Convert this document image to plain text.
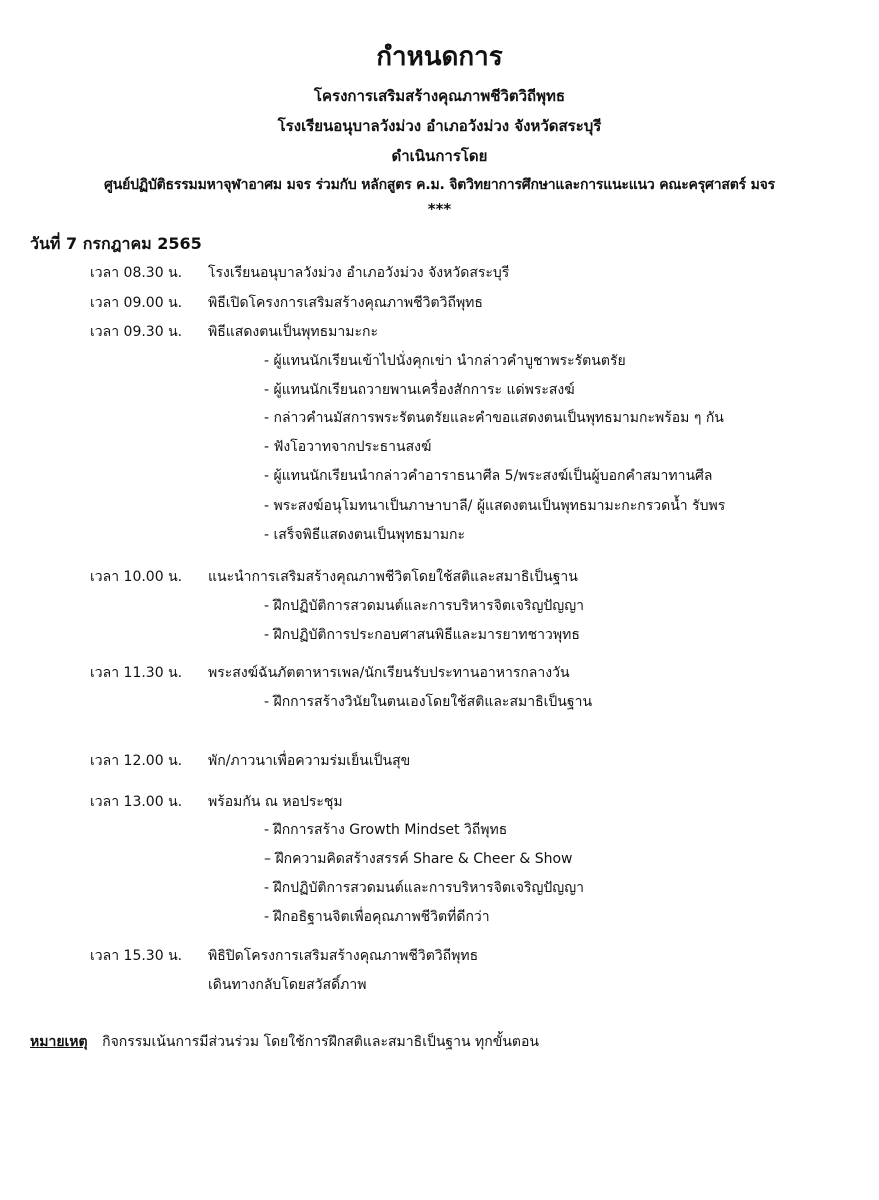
กำหนดการ
โครงการเสริมสร้างคุณภาพชีวิตวิถีพุทธ
โรงเรียนอนุบาลวังม่วง อำเภอวังม่วง จังหวัดสระบุรี
ดำเนินการโดย
ศูนย์ปฏิบัติธรรมมหาจุฬาอาศม มจร ร่วมกับ หลักสูตร ค.ม. จิตวิทยาการศึกษาและการแนะแนว คณะครุศาสตร์ มจร
***
วันที่ 7 กรกฎาคม 2565
เวลา 08.30 น. โรงเรียนอนุบาลวังม่วง อำเภอวังม่วง จังหวัดสระบุรี
เวลา 09.00 น. พิธีเปิดโครงการเสริมสร้างคุณภาพชีวิตวิถีพุทธ
เวลา 09.30 น. พิธีแสดงตนเป็นพุทธมามะกะ
- ผู้แทนนักเรียนเข้าไปนั่งคุกเข่า นำกล่าวคำบูชาพระรัตนตรัย
- ผู้แทนนักเรียนถวายพานเครื่องสักการะ แด่พระสงฆ์
- กล่าวคำนมัสการพระรัตนตรัยและคำขอแสดงตนเป็นพุทธมามกะพร้อม ๆ กัน
- ฟังโอวาทจากประธานสงฆ์
- ผู้แทนนักเรียนนำกล่าวคำอาราธนาศีล 5/พระสงฆ์เป็นผู้บอกคำสมาทานศีล
- พระสงฆ์อนุโมทนาเป็นภาษาบาลี/ ผู้แสดงตนเป็นพุทธมามะกะกรวดน้ำ รับพร
- เสร็จพิธีแสดงตนเป็นพุทธมามกะ
เวลา 10.00 น. แนะนำการเสริมสร้างคุณภาพชีวิตโดยใช้สติและสมาธิเป็นฐาน
- ฝึกปฏิบัติการสวดมนต์และการบริหารจิตเจริญปัญญา
- ฝึกปฏิบัติการประกอบศาสนพิธีและมารยาทชาวพุทธ
เวลา 11.30 น. พระสงฆ์ฉันภัตตาหารเพล/นักเรียนรับประทานอาหารกลางวัน
- ฝึกการสร้างวินัยในตนเองโดยใช้สติและสมาธิเป็นฐาน
เวลา 12.00 น. พัก/ภาวนาเพื่อความร่มเย็นเป็นสุข
เวลา 13.00 น. พร้อมกัน ณ หอประชุม
- ฝึกการสร้าง Growth Mindset วิถีพุทธ
– ฝึกความคิดสร้างสรรค์ Share & Cheer & Show
- ฝึกปฏิบัติการสวดมนต์และการบริหารจิตเจริญปัญญา
- ฝึกอธิฐานจิตเพื่อคุณภาพชีวิตที่ดีกว่า
เวลา 15.30 น. พิธิปิดโครงการเสริมสร้างคุณภาพชีวิตวิถีพุทธ
เดินทางกลับโดยสวัสดิ์ภาพ
หมายเหตุ กิจกรรมเน้นการมีส่วนร่วม โดยใช้การฝึกสติและสมาธิเป็นฐาน ทุกขั้นตอน
